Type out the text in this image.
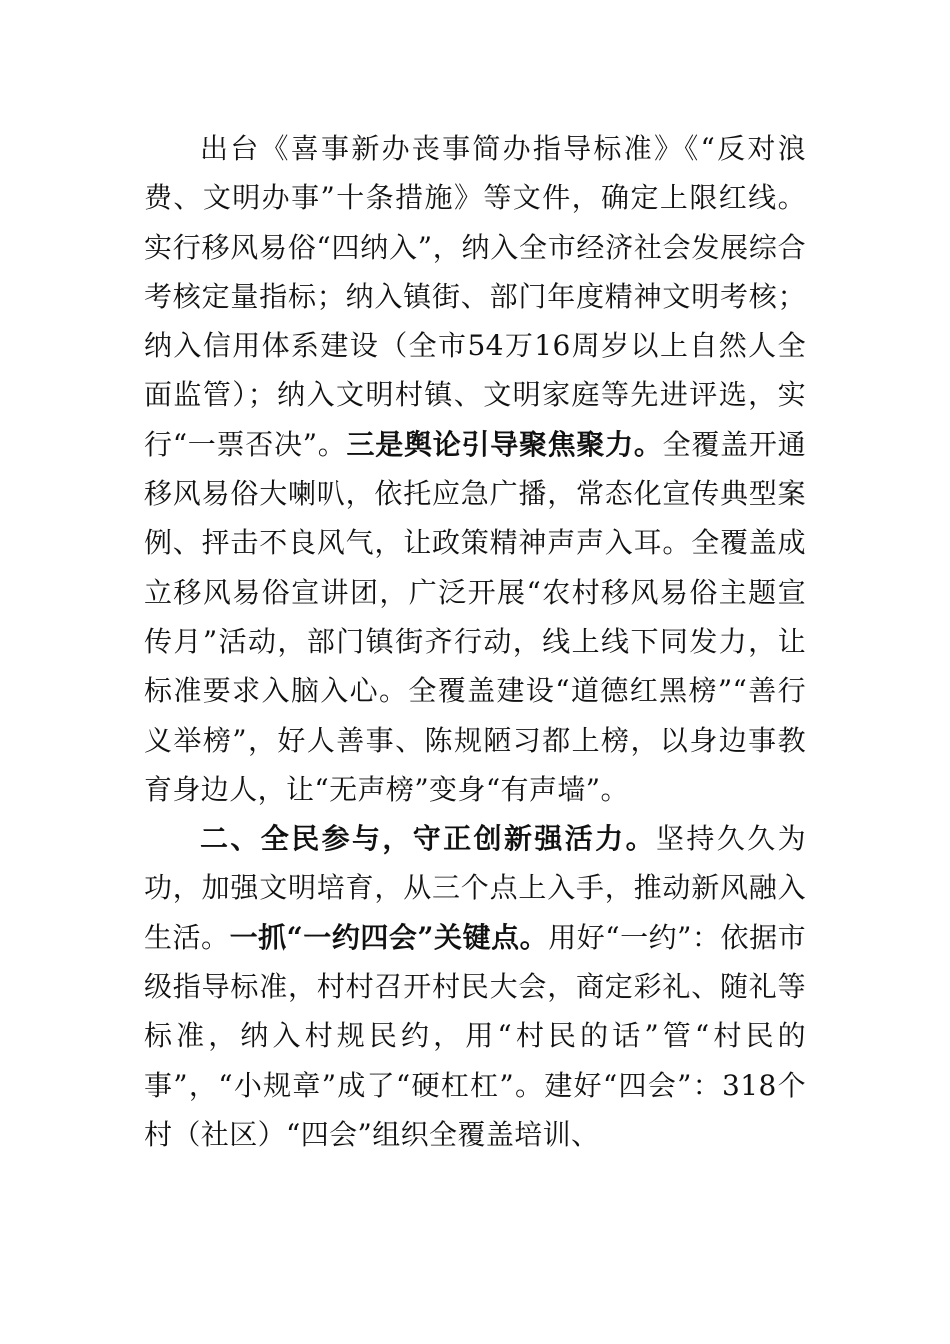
出台《喜事新办丧事简办指导标准》《“反对浪费、文明办事”十条措施》等文件，确定上限红线。实行移风易俗“四纳入”，纳入全市经济社会发展综合考核定量指标；纳入镇街、部门年度精神文明考核；纳入信用体系建设（全市54万16周岁以上自然人全面监管）；纳入文明村镇、文明家庭等先进评选，实行“一票否决”。三是舆论引导聚焦聚力。全覆盖开通移风易俗大喇叭，依托应急广播，常态化宣传典型案例、抨击不良风气，让政策精神声声入耳。全覆盖成立移风易俗宣讲团，广泛开展“农村移风易俗主题宣传月”活动，部门镇街齐行动，线上线下同发力，让标准要求入脑入心。全覆盖建设“道德红黑榜”“善行义举榜”，好人善事、陈规陋习都上榜，以身边事教育身边人，让“无声榜”变身“有声墙”。

二、全民参与，守正创新强活力。坚持久久为功，加强文明培育，从三个点上入手，推动新风融入生活。一抓“一约四会”关键点。用好“一约”：依据市级指导标准，村村召开村民大会，商定彩礼、随礼等标准，纳入村规民约，用“村民的话”管“村民的事”，“小规章”成了“硬杠杠”。建好“四会”：318个村（社区）“四会”组织全覆盖培训、
